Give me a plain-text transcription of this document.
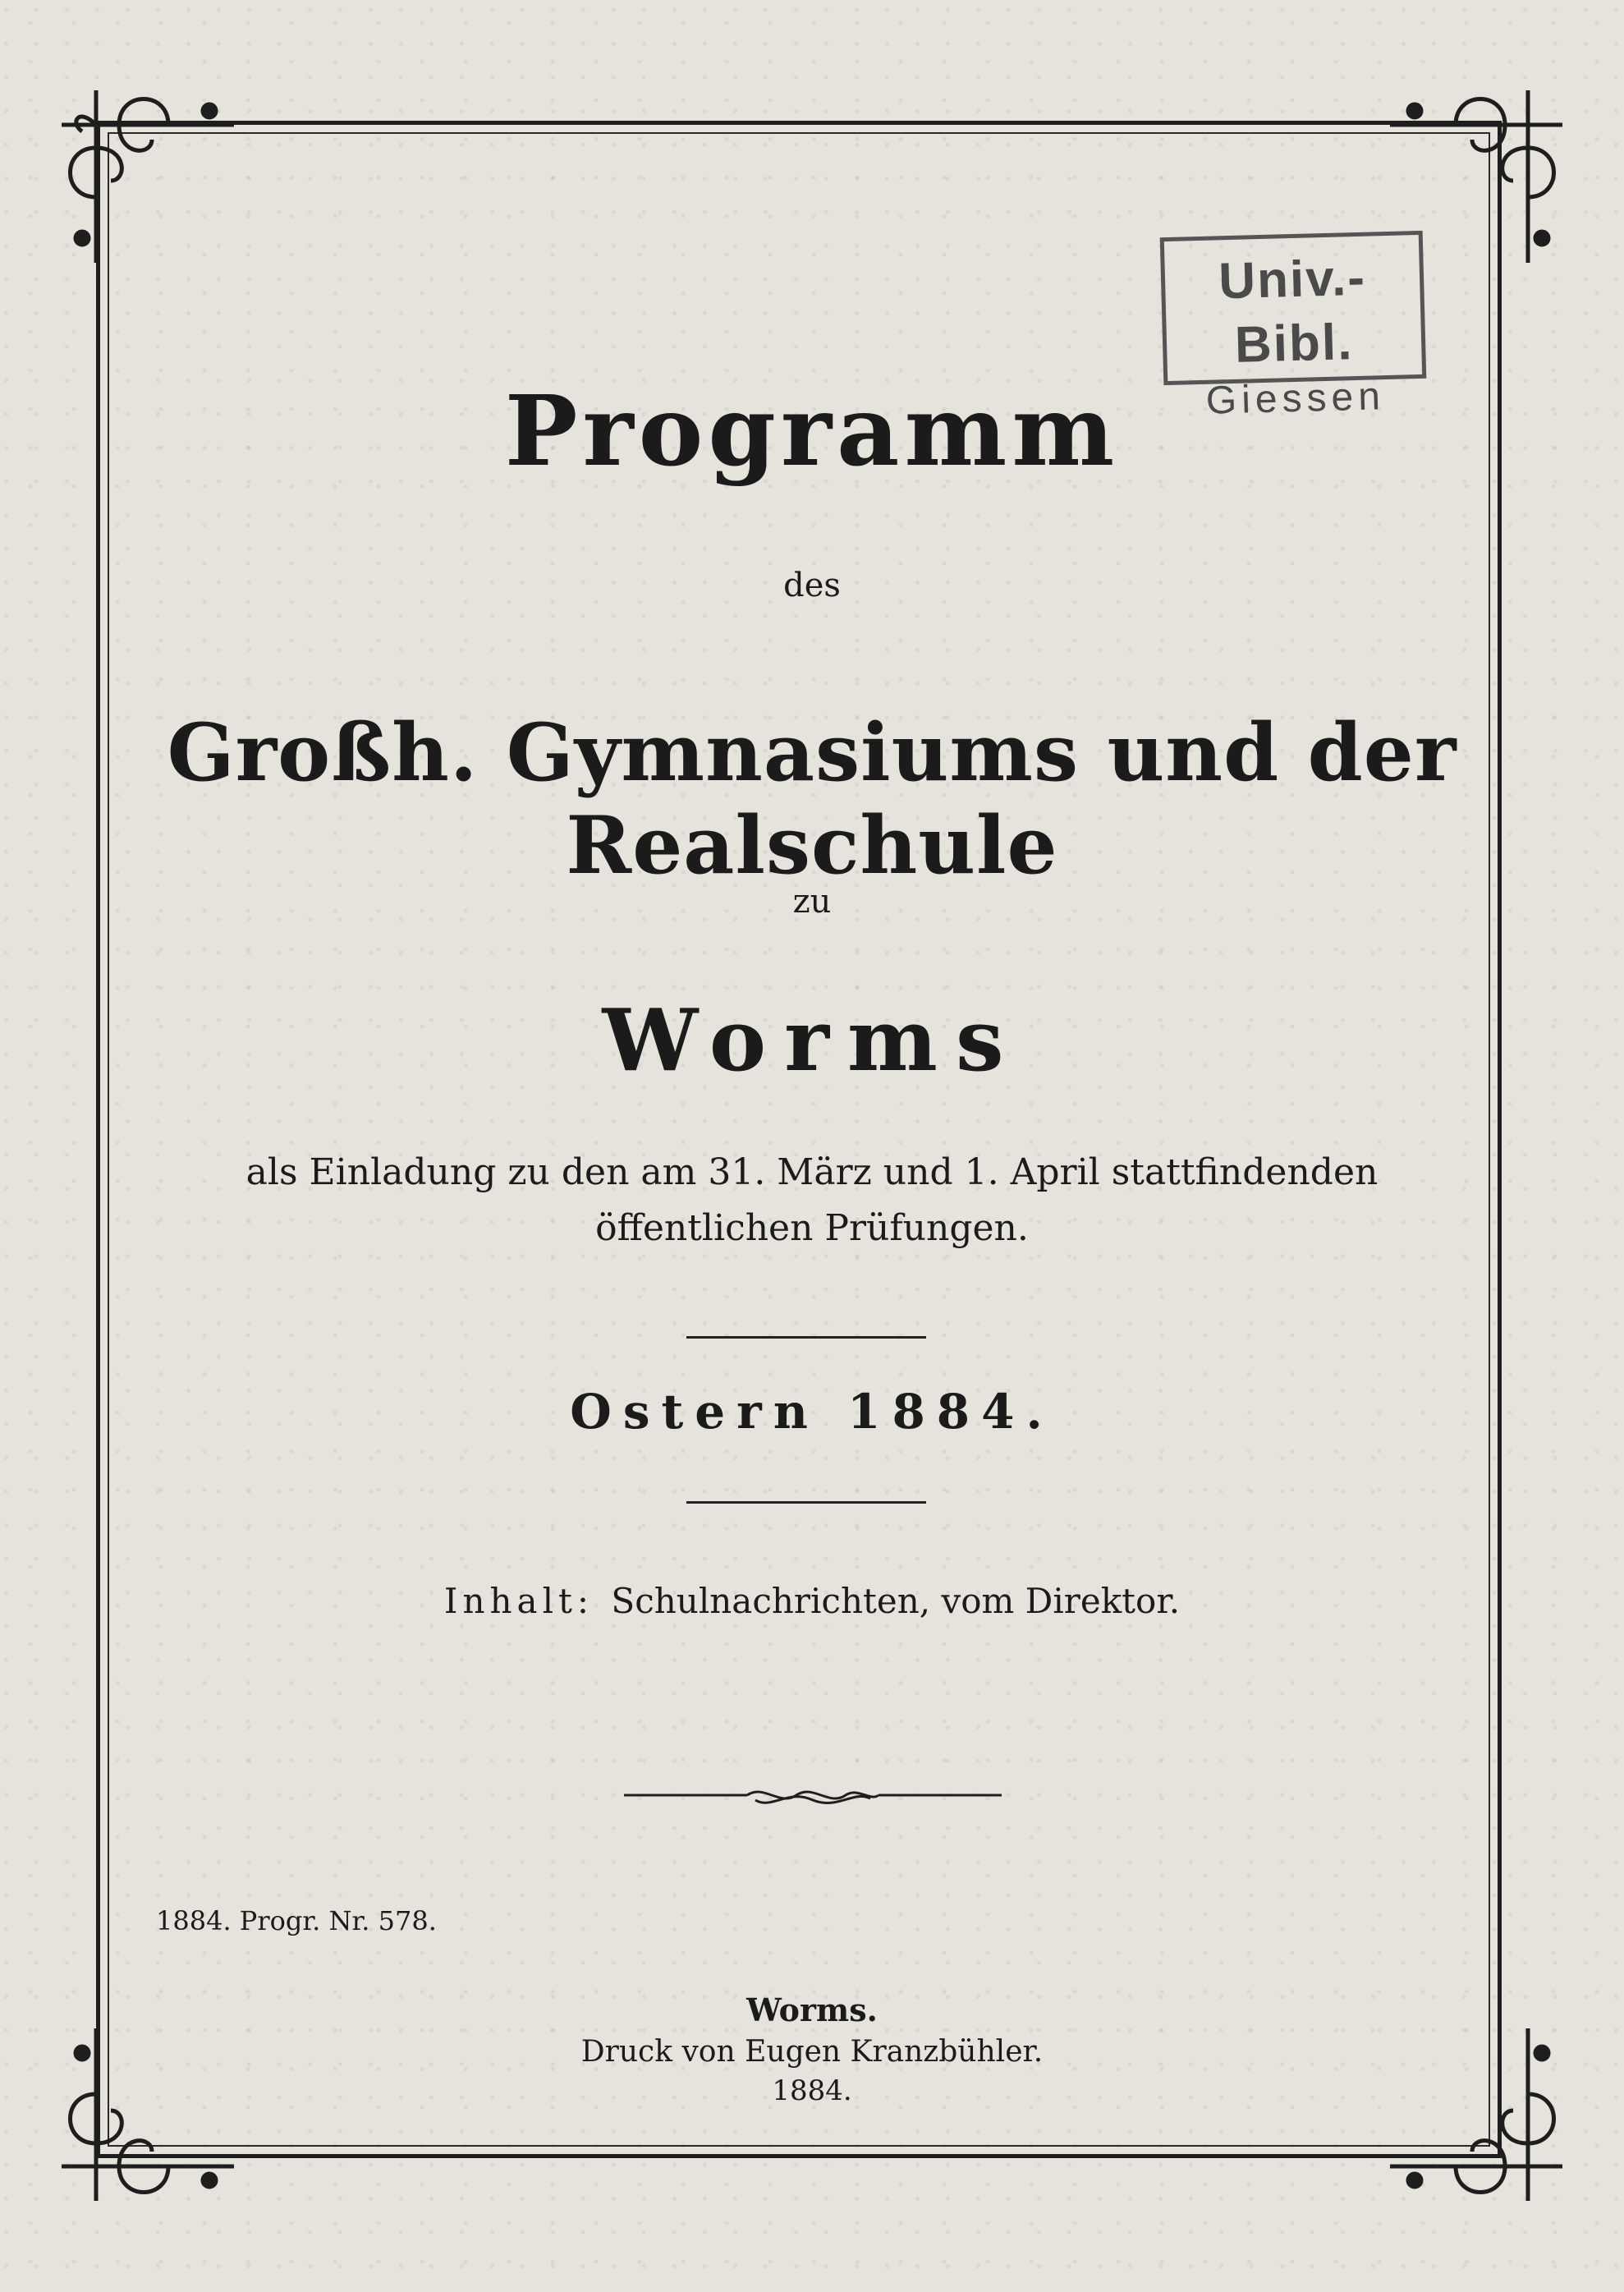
Univ.-Bibl.
Giessen
Programm
des
Großh. Gymnasiums und der Realschule
zu
Worms
als Einladung zu den am 31. März und 1. April stattfindenden
öffentlichen Prüfungen.
Ostern 1884.
Inhalt: Schulnachrichten, vom Direktor.
1884. Progr. Nr. 578.
Worms.
Druck von Eugen Kranzbühler.
1884.
